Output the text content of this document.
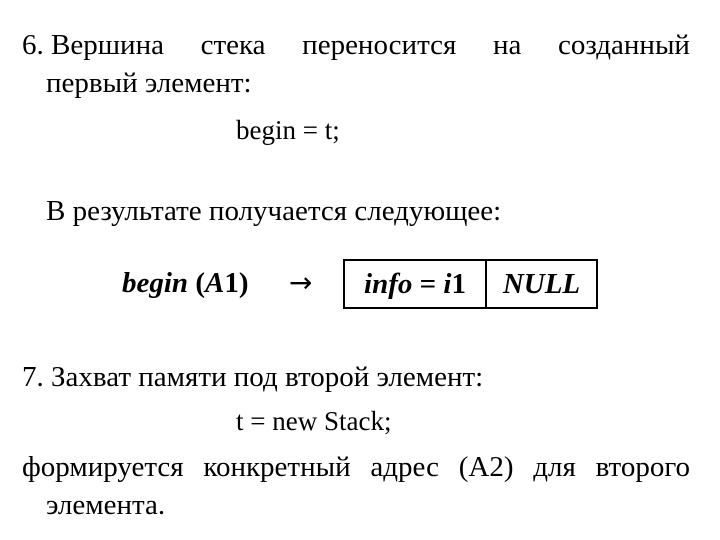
6. Вершина стека переносится на созданный
первый элемент:
begin = t;
В результате получается следующее:
begin (A1) → info = i 1 NULL
7. Захват памяти под второй элемент:
t = new Stack;
формируется конкретный адрес (A2) для второго
элемента.
